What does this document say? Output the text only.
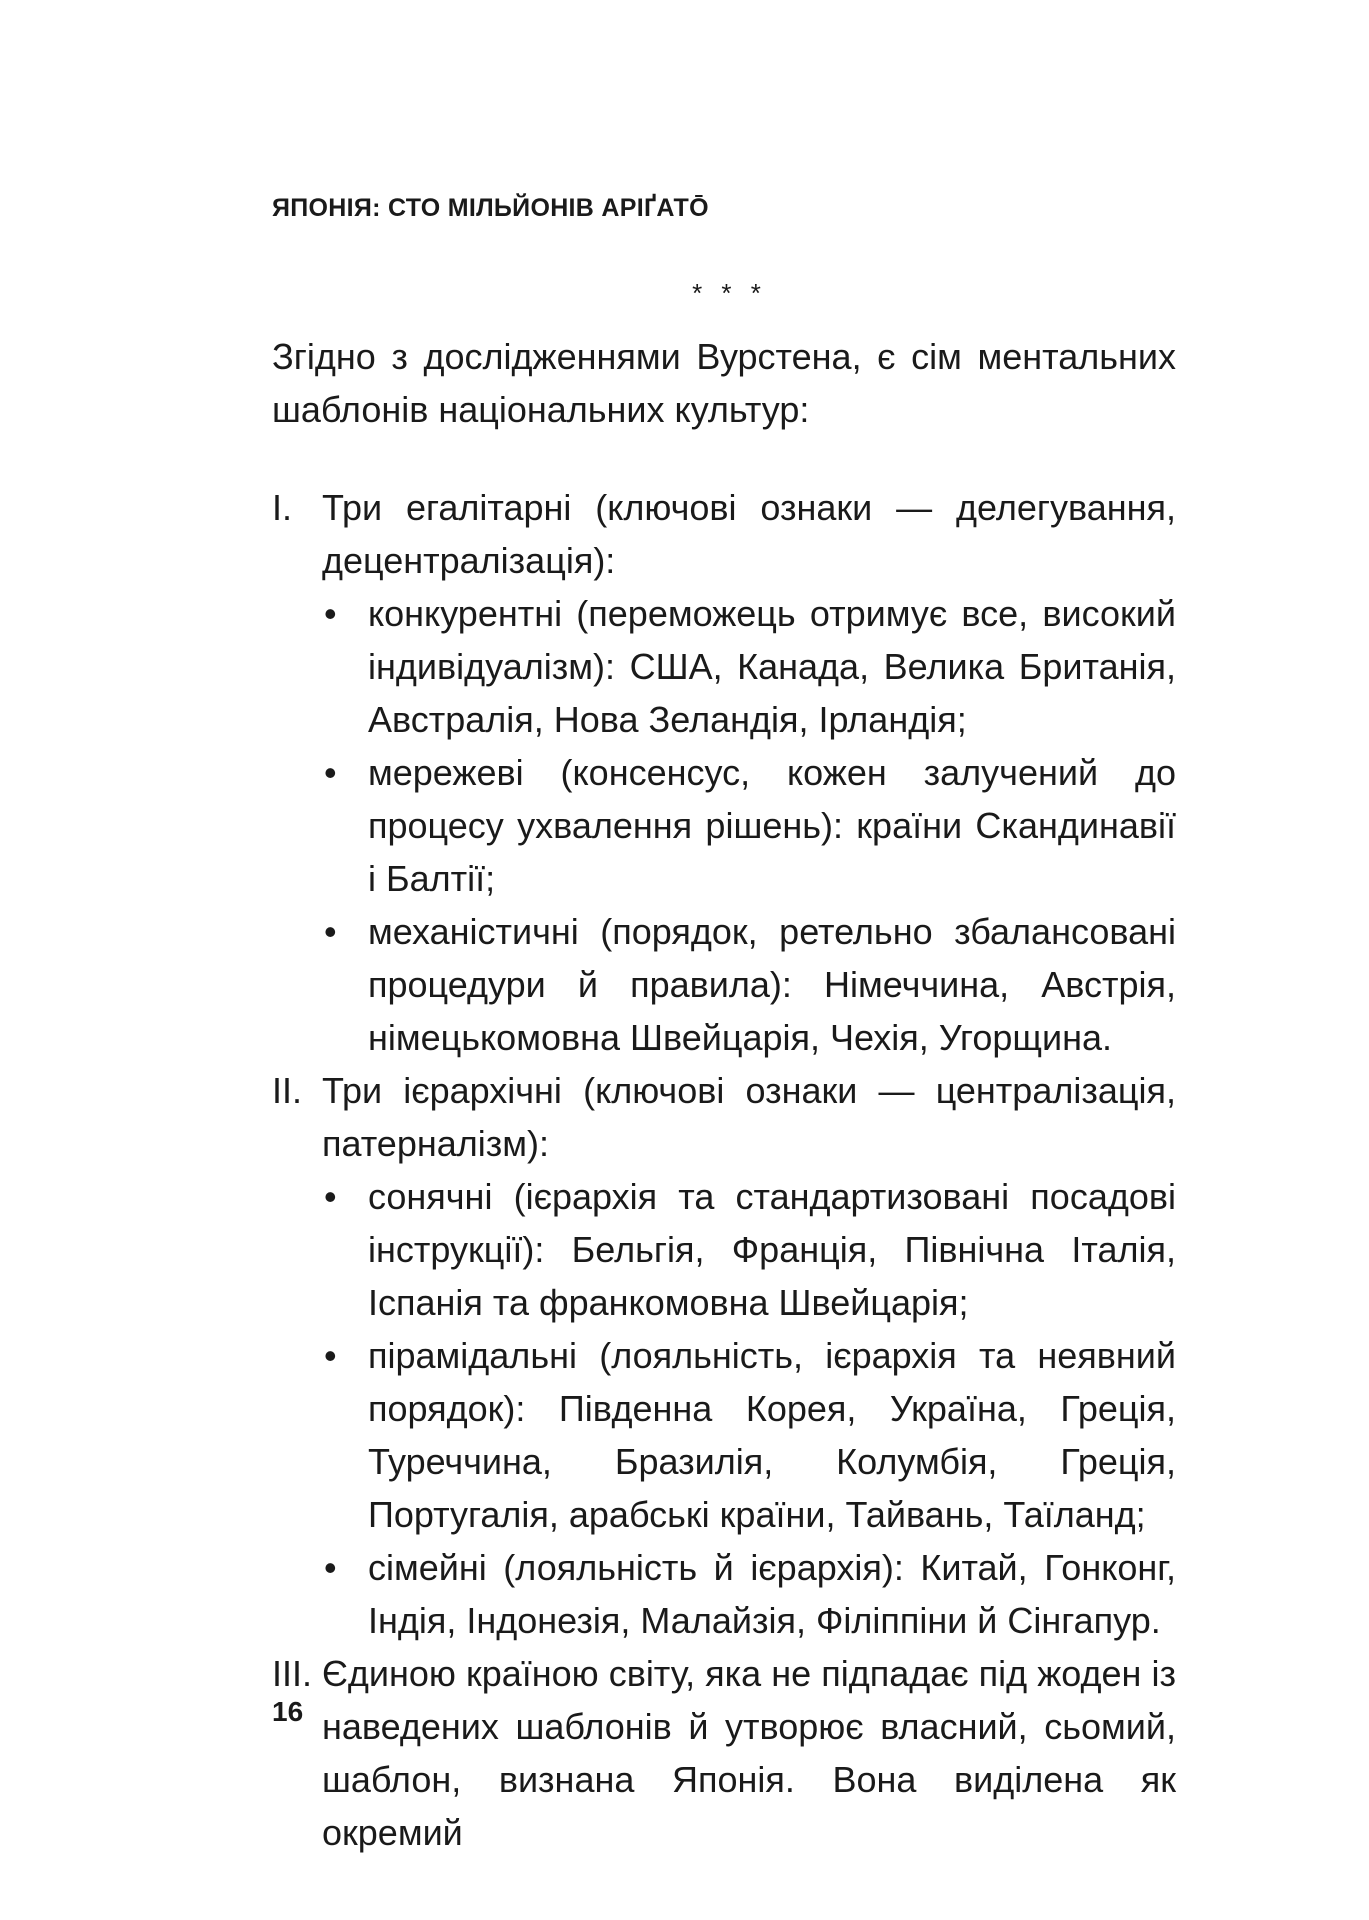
ЯПОНІЯ: СТО МІЛЬЙОНІВ АРІҐАТŌ
* * *
Згідно з дослідженнями Вурстена, є сім ментальних шаблонів національних культур:
I. Три егалітарні (ключові ознаки — делегування, децентралізація):
• конкурентні (переможець отримує все, високий індивідуалізм): США, Канада, Велика Британія, Австралія, Нова Зеландія, Ірландія;
• мережеві (консенсус, кожен залучений до процесу ухвалення рішень): країни Скандинавії і Балтії;
• механістичні (порядок, ретельно збалансовані процедури й правила): Німеччина, Австрія, німецькомовна Швейцарія, Чехія, Угорщина.
II. Три ієрархічні (ключові ознаки — централізація, патерналізм):
• сонячні (ієрархія та стандартизовані посадові інструкції): Бельгія, Франція, Північна Італія, Іспанія та франкомовна Швейцарія;
• пірамідальні (лояльність, ієрархія та неявний порядок): Південна Корея, Україна, Греція, Туреччина, Бразилія, Колумбія, Греція, Португалія, арабські країни, Тайвань, Таїланд;
• сімейні (лояльність й ієрархія): Китай, Гонконг, Індія, Індонезія, Малайзія, Філіппіни й Сінгапур.
III. Єдиною країною світу, яка не підпадає під жоден із наведених шаблонів й утворює власний, сьомий, шаблон, визнана Японія. Вона виділена як окремий
16
